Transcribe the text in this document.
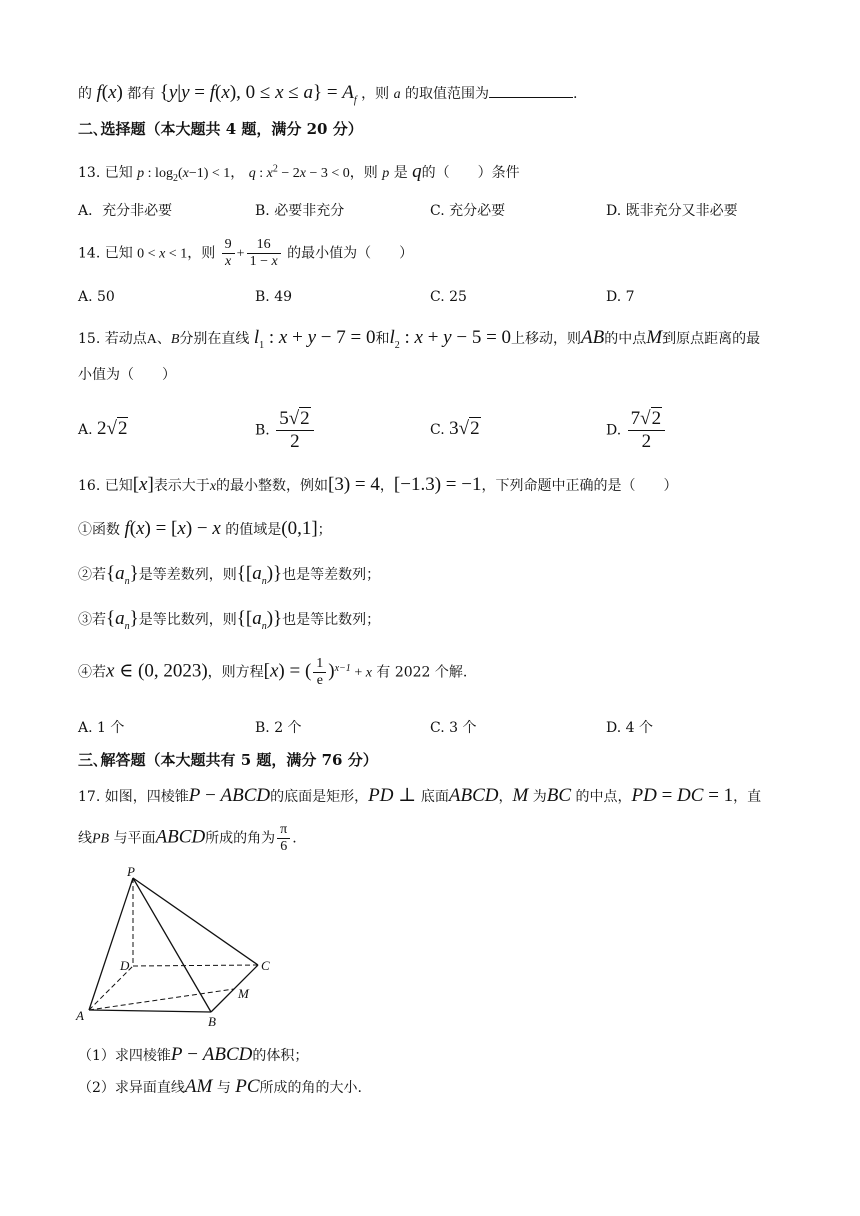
的 f(x) 都有 {y|y = f(x), $0 \le x \le a\} = A_f$ ，则 a 的取值范围为	.
二､选择题（本大题共 4 题，满分 20 分）
13. 已知 p : $\log_2(x-1) < 1$， q : $x^2 - 2x - 3 < 0$，则 p 是 q的（　　）条件
A．充分非必要	B. 必要非充分	C. 充分必要	D. 既非充分又非必要
14. 已知 0 < x < 1，则 $\frac{9}{x} + \frac{16}{1 - x}$ 的最小值为（　　）
A. 50	B. 49	C. 25	D. 7
15. 若动点A、B分别在直线 $l_1$ : x + y − 7 = 0和$l_2$ : x + y − 5 = 0上移动，则AB的中点M到原点距离的最
小值为（　　）
A. 2√2	B. $\frac{5√2}{2}$	C. 3√2	D. $\frac{7√2}{2}$
16. 已知[x]表示大于x的最小整数，例如[3) = 4，[−1.3) = −1，下列命题中正确的是（　　）
①函数 f(x) = [x) − x 的值域是(0,1]；
②若$\{a_n\}$是等差数列，则$\{[a_n)\}$也是等差数列；
③若$\{a_n\}$是等比数列，则$\{[a_n)\}$也是等比数列；
④若x ∈ (0, 2023)，则方程[x) = ( $\frac{1}{e} )^{x-1} + x$ 有 2022 个解.
A. 1 个	B. 2 个	C. 3 个	D. 4 个
三､解答题（本大题共有 5 题，满分 76 分）
17. 如图，四棱锥P − ABCD的底面是矩形，PD ⊥ 底面ABCD，M 为BC 的中点，PD = DC = 1，直
线PB 与平面ABCD所成的角为 $\frac{\pi}{6}$ .
P
D	C
M
A	B
（1）求四棱锥P − ABCD的体积；
（2）求异面直线AM 与 PC所成的角的大小.
